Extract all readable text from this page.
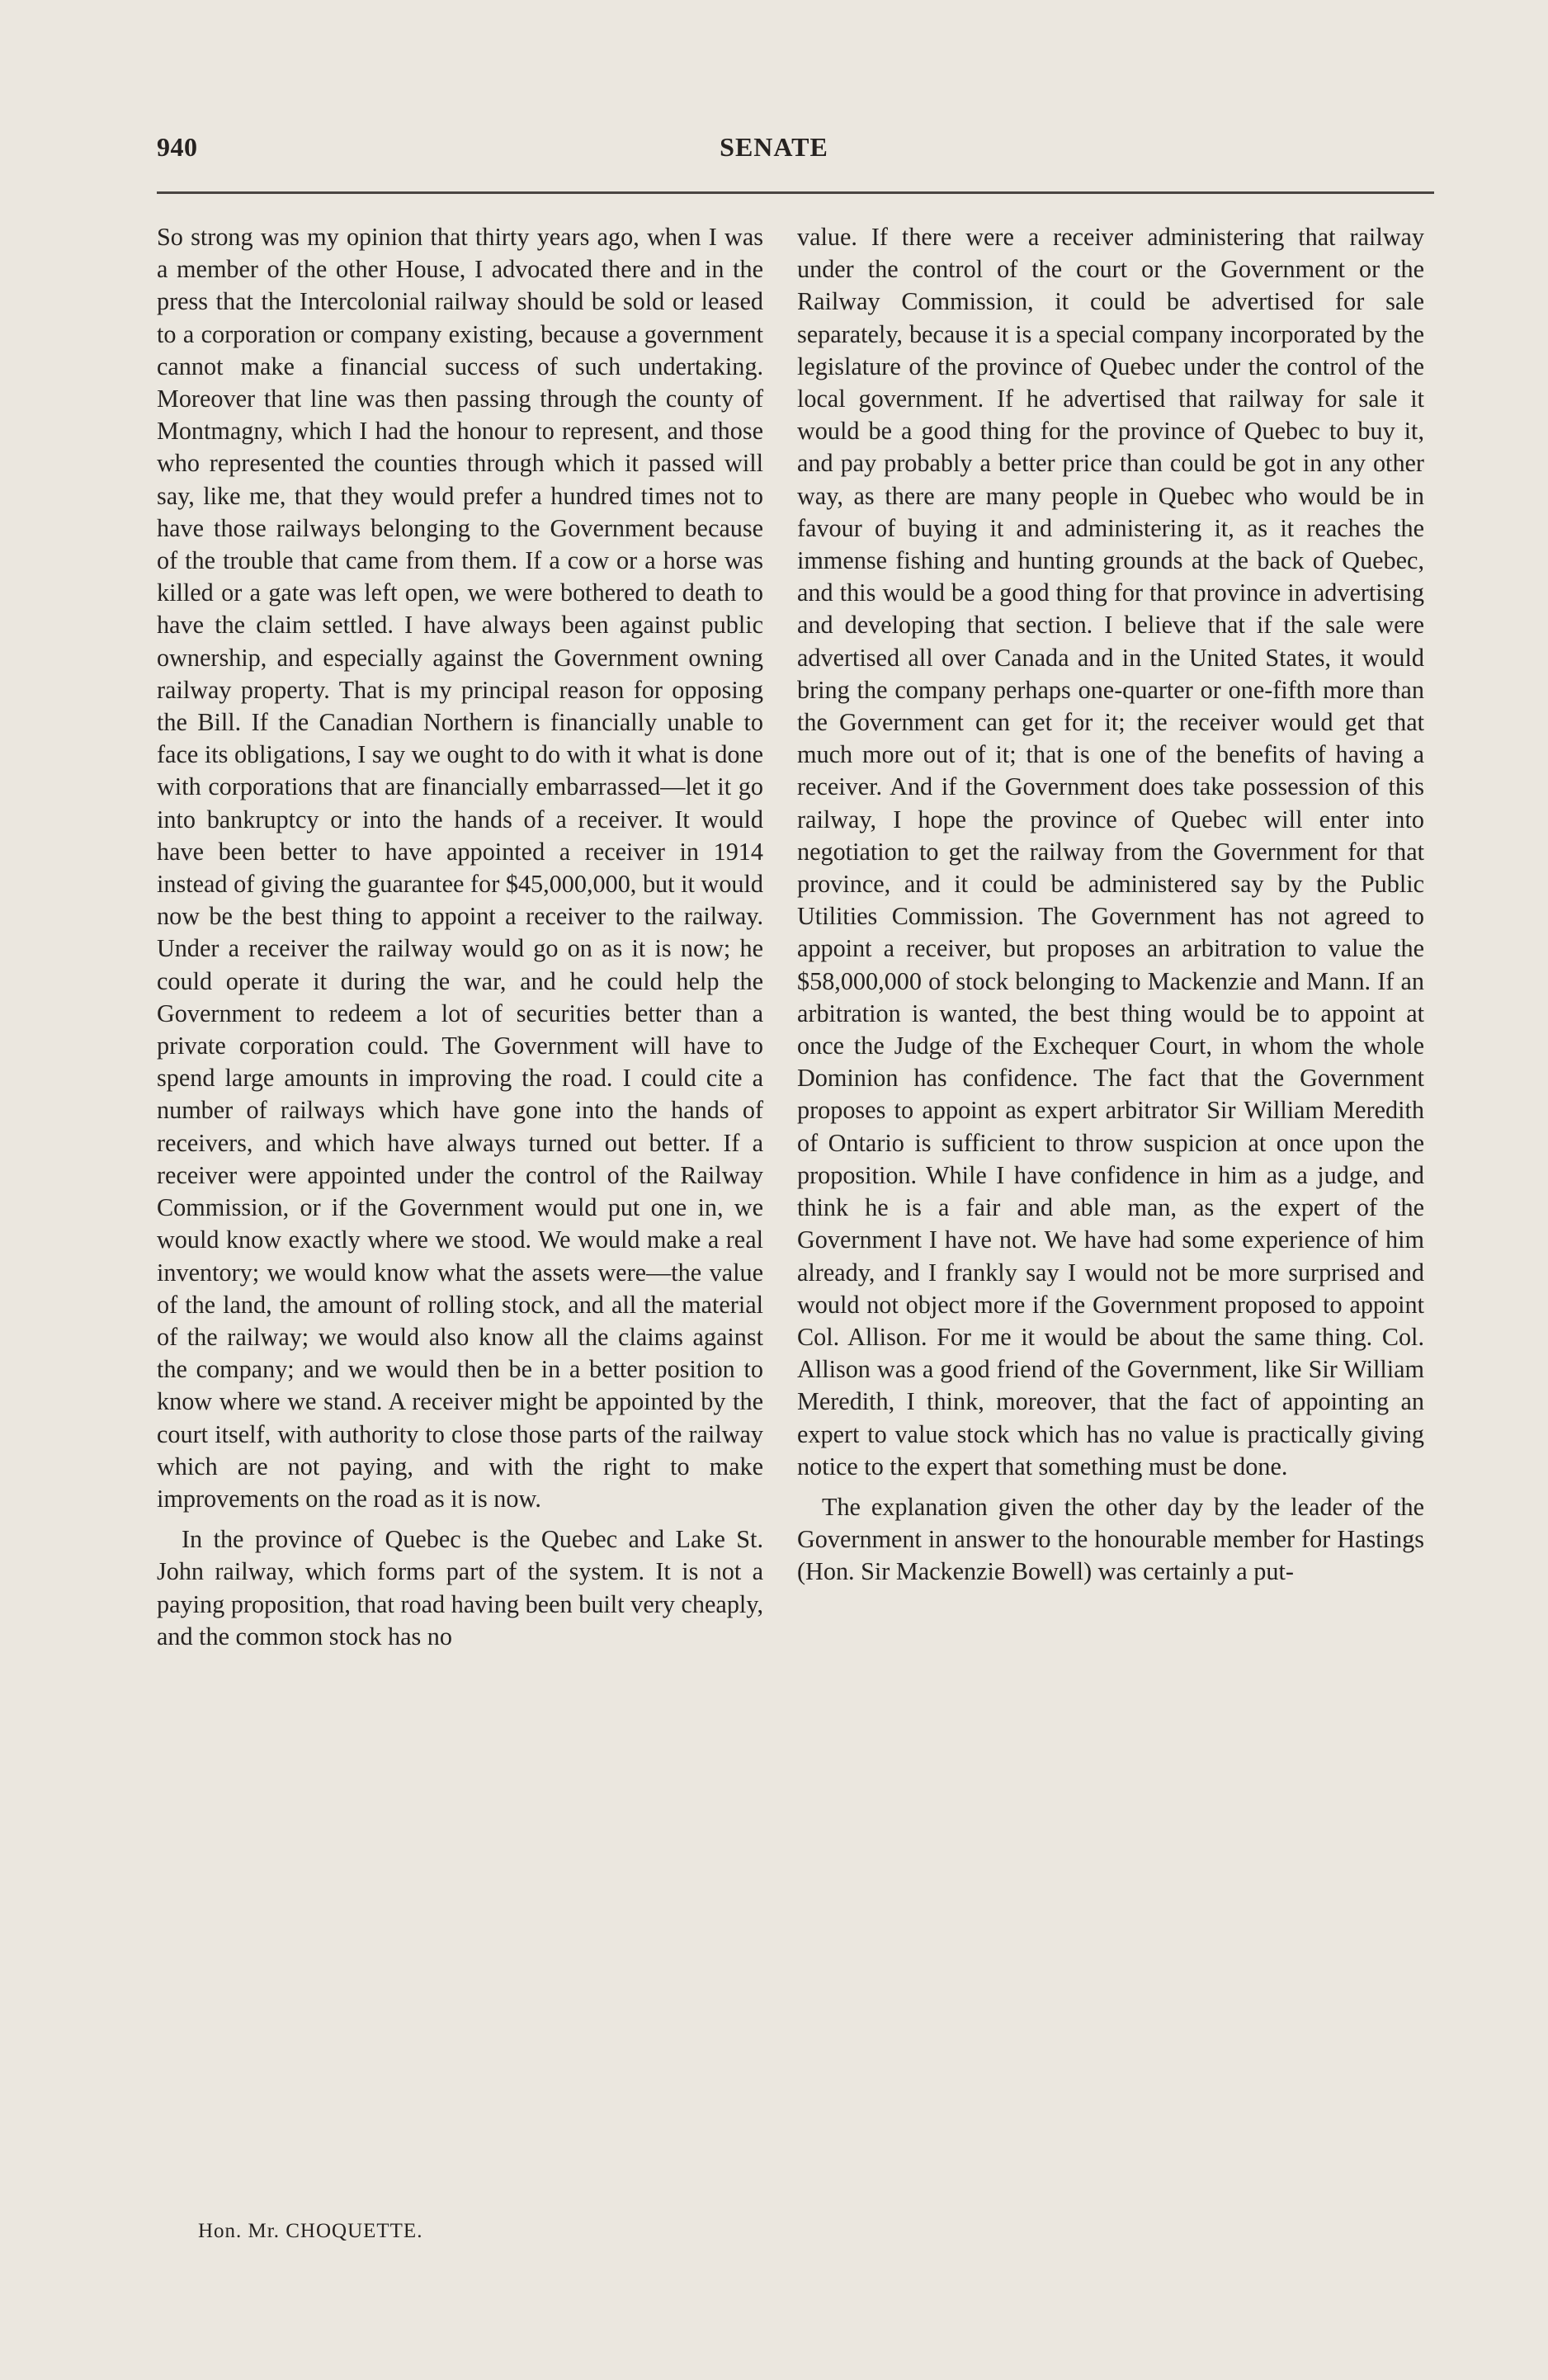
940	SENATE

So strong was my opinion that thirty years ago, when I was a member of the other House, I advocated there and in the press that the Intercolonial railway should be sold or leased to a corporation or company existing, because a government cannot make a financial success of such undertaking. Moreover that line was then passing through the county of Montmagny, which I had the honour to represent, and those who represented the counties through which it passed will say, like me, that they would prefer a hundred times not to have those railways belonging to the Government because of the trouble that came from them. If a cow or a horse was killed or a gate was left open, we were bothered to death to have the claim settled. I have always been against public ownership, and especially against the Government owning railway property. That is my principal reason for opposing the Bill. If the Canadian Northern is financially unable to face its obligations, I say we ought to do with it what is done with corporations that are financially embarrassed—let it go into bankruptcy or into the hands of a receiver. It would have been better to have appointed a receiver in 1914 instead of giving the guarantee for $45,000,000, but it would now be the best thing to appoint a receiver to the railway. Under a receiver the railway would go on as it is now; he could operate it during the war, and he could help the Government to redeem a lot of securities better than a private corporation could. The Government will have to spend large amounts in improving the road. I could cite a number of railways which have gone into the hands of receivers, and which have always turned out better. If a receiver were appointed under the control of the Railway Commission, or if the Government would put one in, we would know exactly where we stood. We would make a real inventory; we would know what the assets were—the value of the land, the amount of rolling stock, and all the material of the railway; we would also know all the claims against the company; and we would then be in a better position to know where we stand. A receiver might be appointed by the court itself, with authority to close those parts of the railway which are not paying, and with the right to make improvements on the road as it is now.

In the province of Quebec is the Quebec and Lake St. John railway, which forms part of the system. It is not a paying proposition, that road having been built very cheaply, and the common stock has no

value. If there were a receiver administering that railway under the control of the court or the Government or the Railway Commission, it could be advertised for sale separately, because it is a special company incorporated by the legislature of the province of Quebec under the control of the local government. If he advertised that railway for sale it would be a good thing for the province of Quebec to buy it, and pay probably a better price than could be got in any other way, as there are many people in Quebec who would be in favour of buying it and administering it, as it reaches the immense fishing and hunting grounds at the back of Quebec, and this would be a good thing for that province in advertising and developing that section. I believe that if the sale were advertised all over Canada and in the United States, it would bring the company perhaps one-quarter or one-fifth more than the Government can get for it; the receiver would get that much more out of it; that is one of the benefits of having a receiver. And if the Government does take possession of this railway, I hope the province of Quebec will enter into negotiation to get the railway from the Government for that province, and it could be administered say by the Public Utilities Commission. The Government has not agreed to appoint a receiver, but proposes an arbitration to value the $58,000,000 of stock belonging to Mackenzie and Mann. If an arbitration is wanted, the best thing would be to appoint at once the Judge of the Exchequer Court, in whom the whole Dominion has confidence. The fact that the Government proposes to appoint as expert arbitrator Sir William Meredith of Ontario is sufficient to throw suspicion at once upon the proposition. While I have confidence in him as a judge, and think he is a fair and able man, as the expert of the Government I have not. We have had some experience of him already, and I frankly say I would not be more surprised and would not object more if the Government proposed to appoint Col. Allison. For me it would be about the same thing. Col. Allison was a good friend of the Government, like Sir William Meredith, I think, moreover, that the fact of appointing an expert to value stock which has no value is practically giving notice to the expert that something must be done.

The explanation given the other day by the leader of the Government in answer to the honourable member for Hastings (Hon. Sir Mackenzie Bowell) was certainly a put-

Hon. Mr. CHOQUETTE.
